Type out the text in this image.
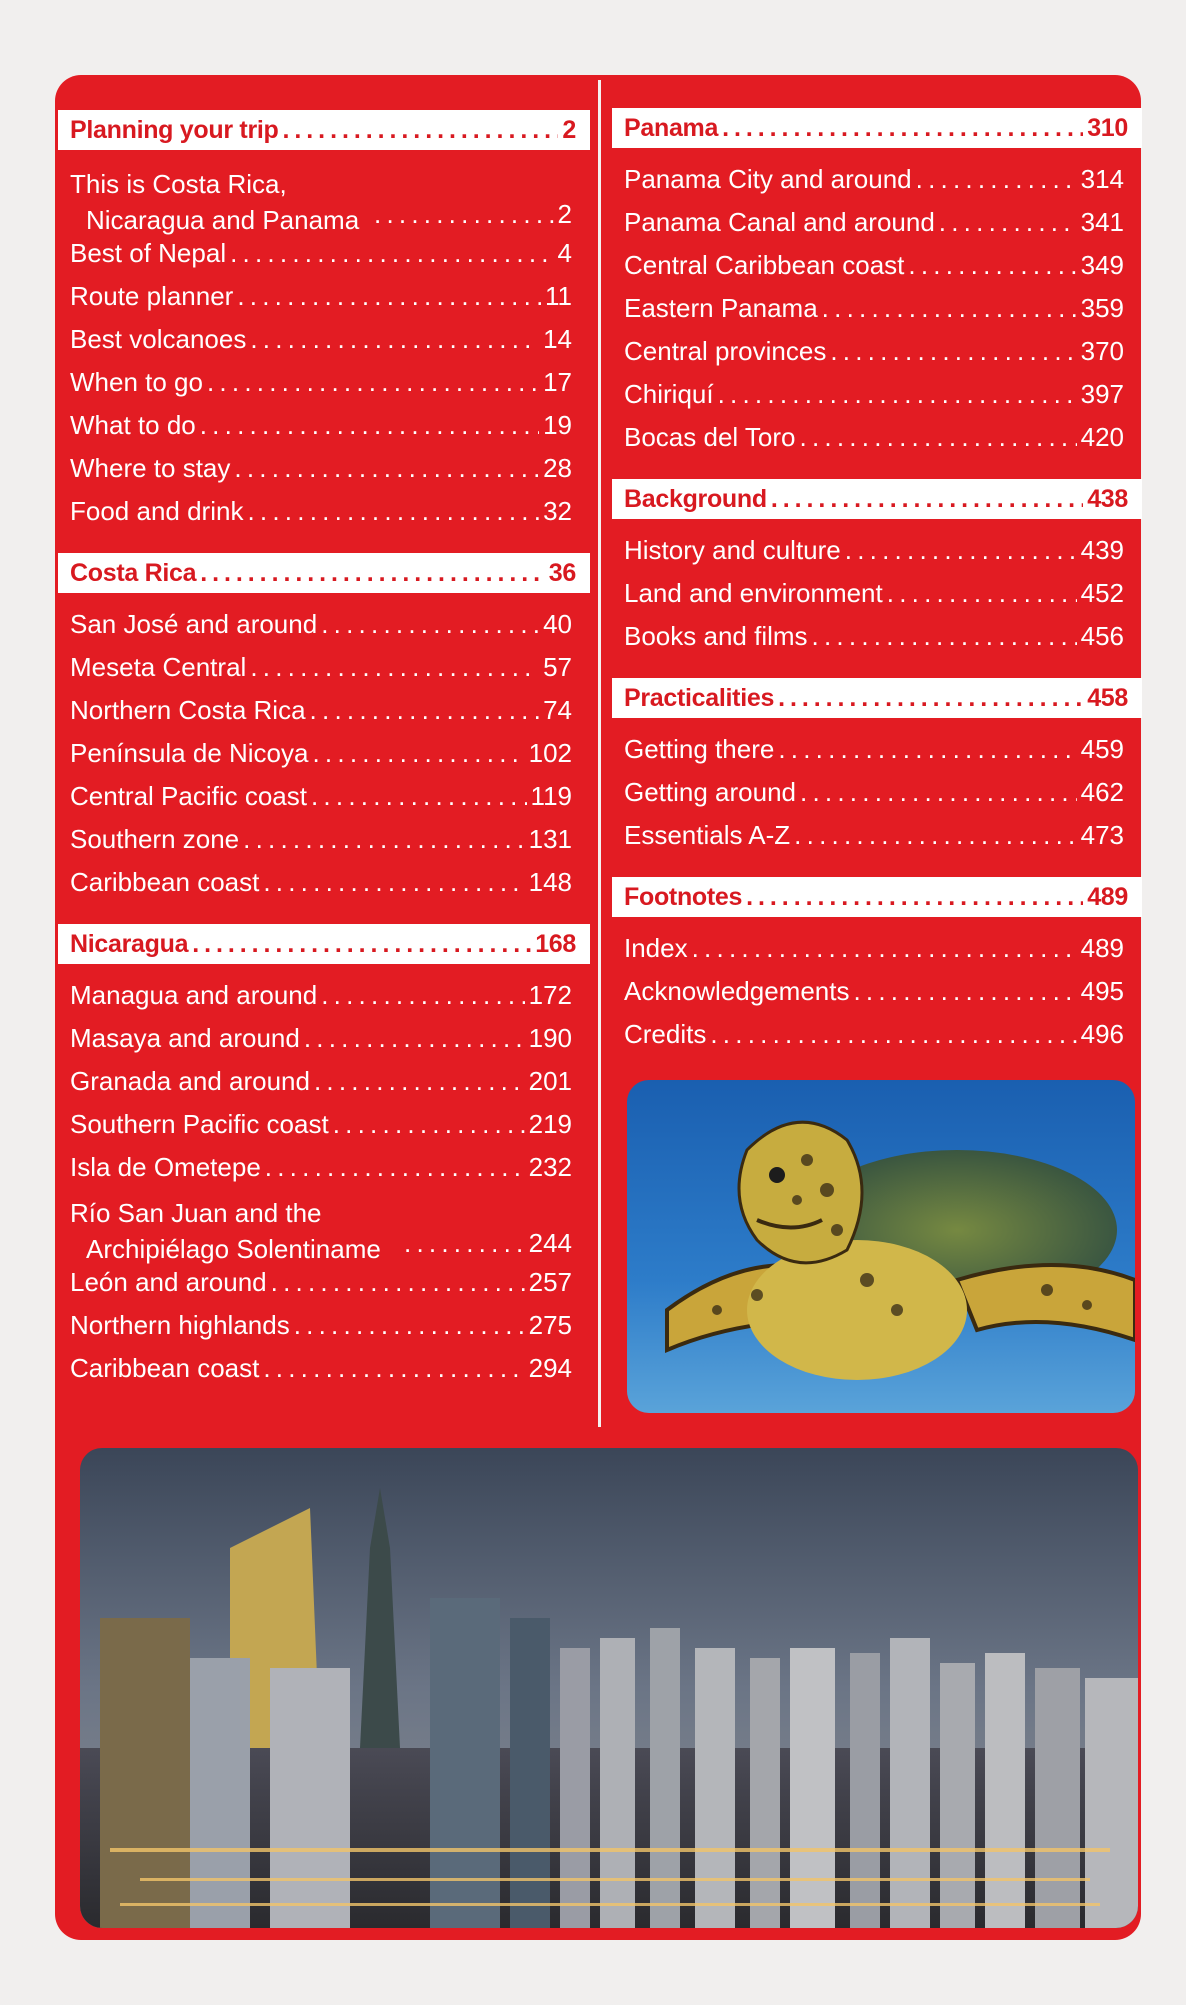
Planning your trip . . .	2
This is Costa Rica,
Nicaragua and Panama . . .	2
Best of Nepal . . .	4
Route planner . . .	11
Best volcanoes . . .	14
When to go . . .	17
What to do . . .	19
Where to stay . . .	28
Food and drink . . .	32
Costa Rica . . .	36
San José and around . . .	40
Meseta Central . . .	57
Northern Costa Rica . . .	74
Península de Nicoya . . .	102
Central Pacific coast . . .	119
Southern zone . . .	131
Caribbean coast . . .	148
Nicaragua . . .	168
Managua and around . . .	172
Masaya and around . . .	190
Granada and around . . .	201
Southern Pacific coast . . .	219
Isla de Ometepe . . .	232
Río San Juan and the
Archipiélago Solentiname . . .	244
León and around . . .	257
Northern highlands . . .	275
Caribbean coast . . .	294
Panama . . .	310
Panama City and around . . .	314
Panama Canal and around . . .	341
Central Caribbean coast . . .	349
Eastern Panama . . .	359
Central provinces . . .	370
Chiriquí . . .	397
Bocas del Toro . . .	420
Background . . .	438
History and culture . . .	439
Land and environment . . .	452
Books and films . . .	456
Practicalities . . .	458
Getting there . . .	459
Getting around . . .	462
Essentials A-Z . . .	473
Footnotes . . .	489
Index . . .	489
Acknowledgements . . .	495
Credits . . .	496
